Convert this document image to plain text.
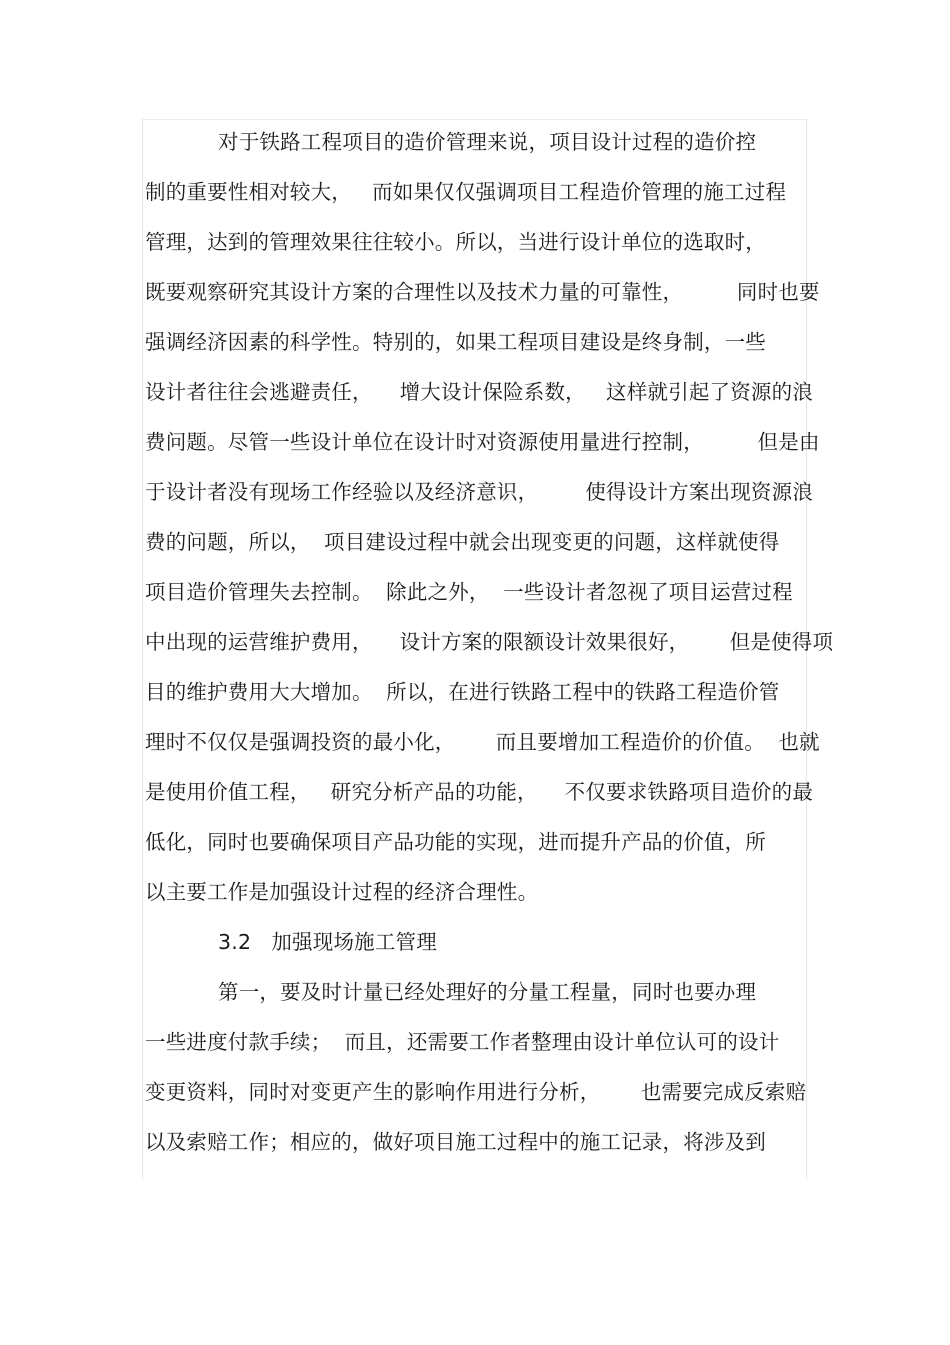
对于铁路工程项目的造价管理来说，项目设计过程的造价控
制的重要性相对较大，   而如果仅仅强调项目工程造价管理的施工过程
管理，达到的管理效果往往较小。所以，当进行设计单位的选取时，
既要观察研究其设计方案的合理性以及技术力量的可靠性，        同时也要
强调经济因素的科学性。特别的，如果工程项目建设是终身制，一些
设计者往往会逃避责任，    增大设计保险系数，   这样就引起了资源的浪
费问题。尽管一些设计单位在设计时对资源使用量进行控制，        但是由
于设计者没有现场工作经验以及经济意识，       使得设计方案出现资源浪
费的问题，所以，  项目建设过程中就会出现变更的问题，这样就使得
项目造价管理失去控制。  除此之外，  一些设计者忽视了项目运营过程
中出现的运营维护费用，    设计方案的限额设计效果很好，      但是使得项
目的维护费用大大增加。  所以，在进行铁路工程中的铁路工程造价管
理时不仅仅是强调投资的最小化，      而且要增加工程造价的价值。  也就
是使用价值工程，   研究分析产品的功能，    不仅要求铁路项目造价的最
低化，同时也要确保项目产品功能的实现，进而提升产品的价值，所
以主要工作是加强设计过程的经济合理性。
3.2   加强现场施工管理
第一，要及时计量已经处理好的分量工程量，同时也要办理
一些进度付款手续；  而且，还需要工作者整理由设计单位认可的设计
变更资料，同时对变更产生的影响作用进行分析，      也需要完成反索赔
以及索赔工作；相应的，做好项目施工过程中的施工记录，将涉及到
